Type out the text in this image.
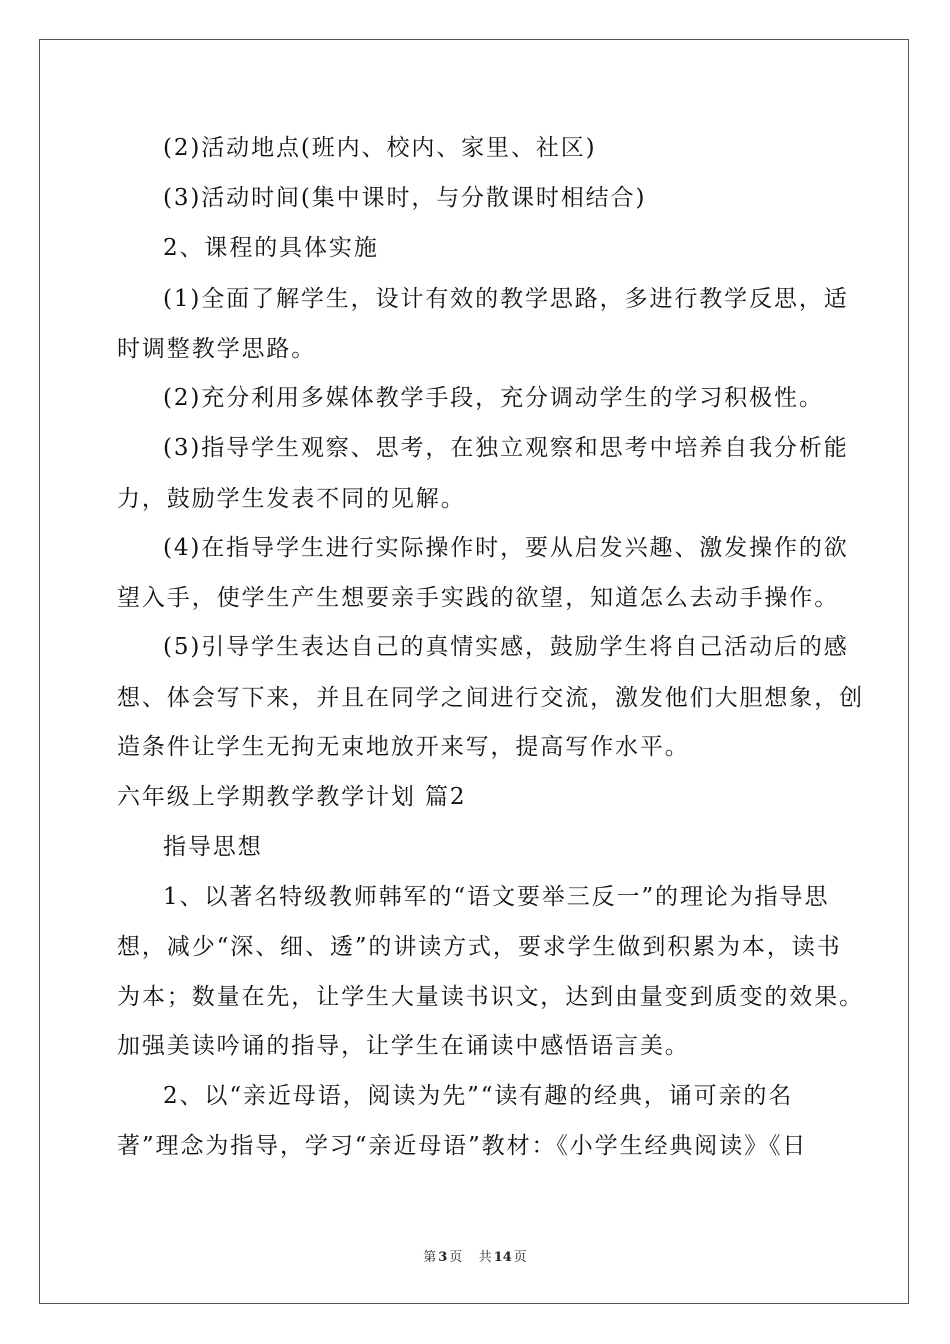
(2)活动地点(班内、校内、家里、社区)
(3)活动时间(集中课时，与分散课时相结合)
2、课程的具体实施
(1)全面了解学生，设计有效的教学思路，多进行教学反思，适
时调整教学思路。
(2)充分利用多媒体教学手段，充分调动学生的学习积极性。
(3)指导学生观察、思考，在独立观察和思考中培养自我分析能
力，鼓励学生发表不同的见解。
(4)在指导学生进行实际操作时，要从启发兴趣、激发操作的欲
望入手，使学生产生想要亲手实践的欲望，知道怎么去动手操作。
(5)引导学生表达自己的真情实感，鼓励学生将自己活动后的感
想、体会写下来，并且在同学之间进行交流，激发他们大胆想象，创
造条件让学生无拘无束地放开来写，提高写作水平。
六年级上学期教学教学计划 篇2
指导思想
1、以著名特级教师韩军的“语文要举三反一”的理论为指导思
想，减少“深、细、透”的讲读方式，要求学生做到积累为本，读书
为本；数量在先，让学生大量读书识文，达到由量变到质变的效果。
加强美读吟诵的指导，让学生在诵读中感悟语言美。
2、以“亲近母语，阅读为先”“读有趣的经典，诵可亲的名
著”理念为指导，学习“亲近母语”教材：《小学生经典阅读》《日
第 3 页 共 14 页
